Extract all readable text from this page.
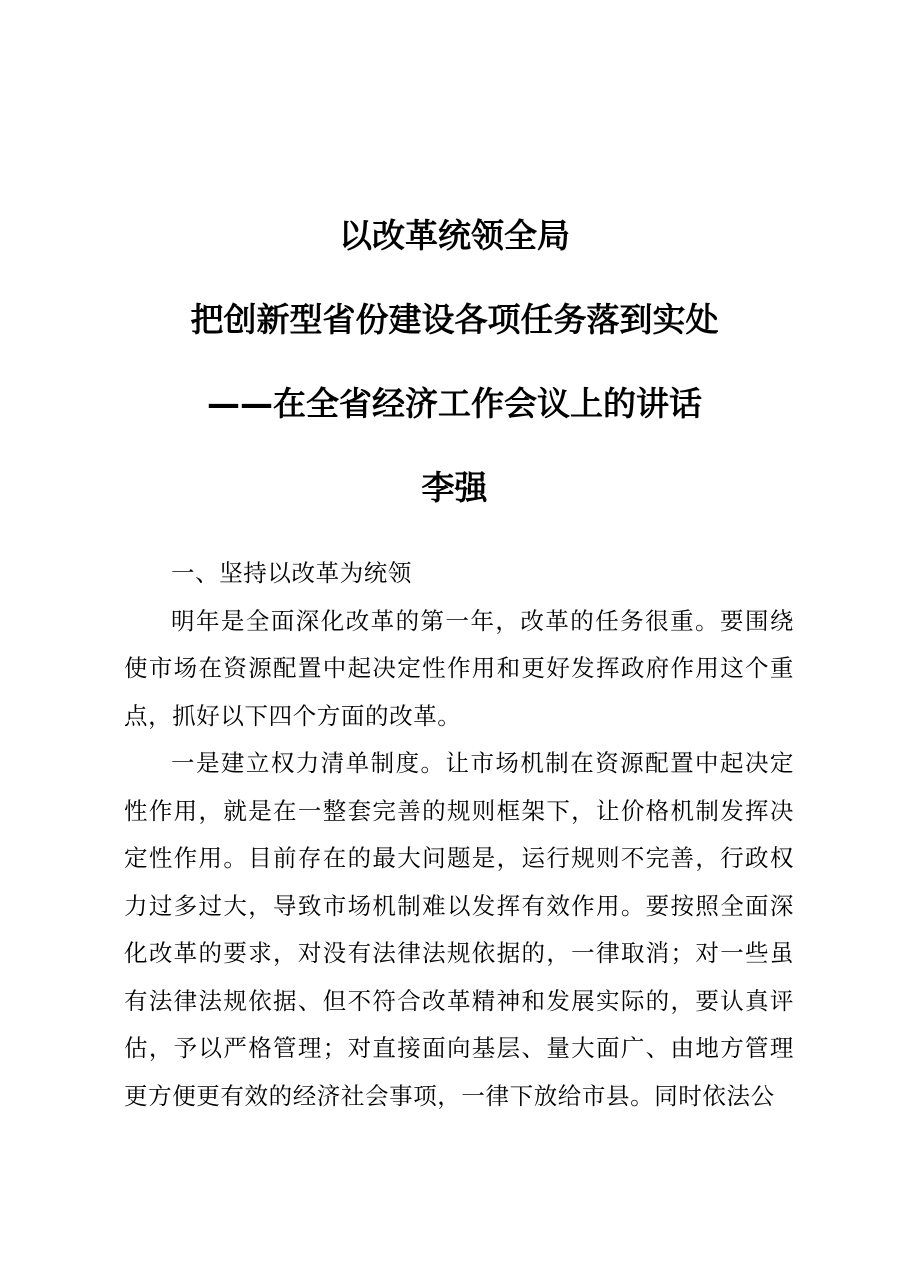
以改革统领全局
把创新型省份建设各项任务落到实处
——在全省经济工作会议上的讲话
李强

一、坚持以改革为统领

明年是全面深化改革的第一年，改革的任务很重。要围绕使市场在资源配置中起决定性作用和更好发挥政府作用这个重点，抓好以下四个方面的改革。

一是建立权力清单制度。让市场机制在资源配置中起决定性作用，就是在一整套完善的规则框架下，让价格机制发挥决定性作用。目前存在的最大问题是，运行规则不完善，行政权力过多过大，导致市场机制难以发挥有效作用。要按照全面深化改革的要求，对没有法律法规依据的，一律取消；对一些虽有法律法规依据、但不符合改革精神和发展实际的，要认真评估，予以严格管理；对直接面向基层、量大面广、由地方管理更方便更有效的经济社会事项，一律下放给市县。同时依法公
